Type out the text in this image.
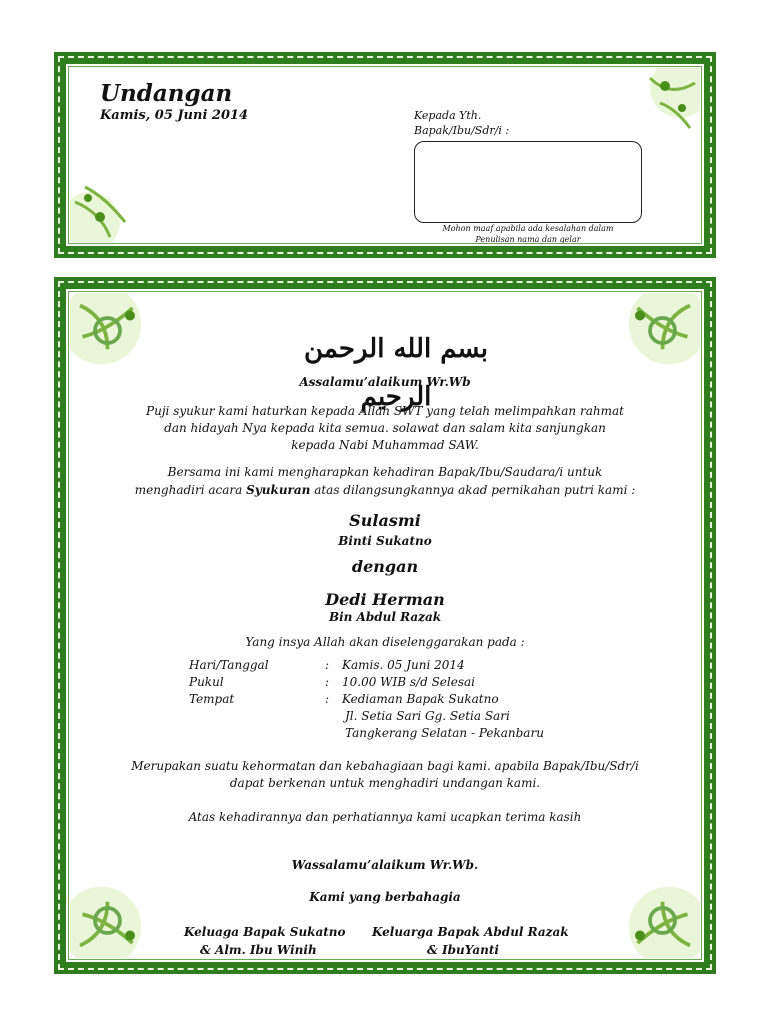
Undangan
Kamis, 05 Juni 2014	Kepada Yth.
Bapak/Ibu/Sdr/i :
Mohon maaf apabila ada kesalahan dalam
Penulisan nama dan gelar
بسم الله الرحمن الرحيم
Assalamu’alaikum Wr.Wb
Puji syukur kami haturkan kepada Allah SWT yang telah melimpahkan rahmat
dan hidayah Nya kepada kita semua. solawat dan salam kita sanjungkan
kepada Nabi Muhammad SAW.
Bersama ini kami mengharapkan kehadiran Bapak/Ibu/Saudara/i untuk
menghadiri acara Syukuran atas dilangsungkannya akad pernikahan putri kami :
Sulasmi
Binti Sukatno
dengan
Dedi Herman
Bin Abdul Razak
Yang insya Allah akan diselenggarakan pada :
Hari/Tanggal	: Kamis. 05 Juni 2014
Pukul	: 10.00 WIB s/d Selesai
Tempat	: Kediaman Bapak Sukatno
Jl. Setia Sari Gg. Setia Sari
Tangkerang Selatan - Pekanbaru
Merupakan suatu kehormatan dan kebahagiaan bagi kami. apabila Bapak/Ibu/Sdr/i
dapat berkenan untuk menghadiri undangan kami.
Atas kehadirannya dan perhatiannya kami ucapkan terima kasih
Wassalamu’alaikum Wr.Wb.
Kami yang berbahagia
Keluaga Bapak Sukatno
& Alm. Ibu Winih
Keluarga Bapak Abdul Razak
& IbuYanti
